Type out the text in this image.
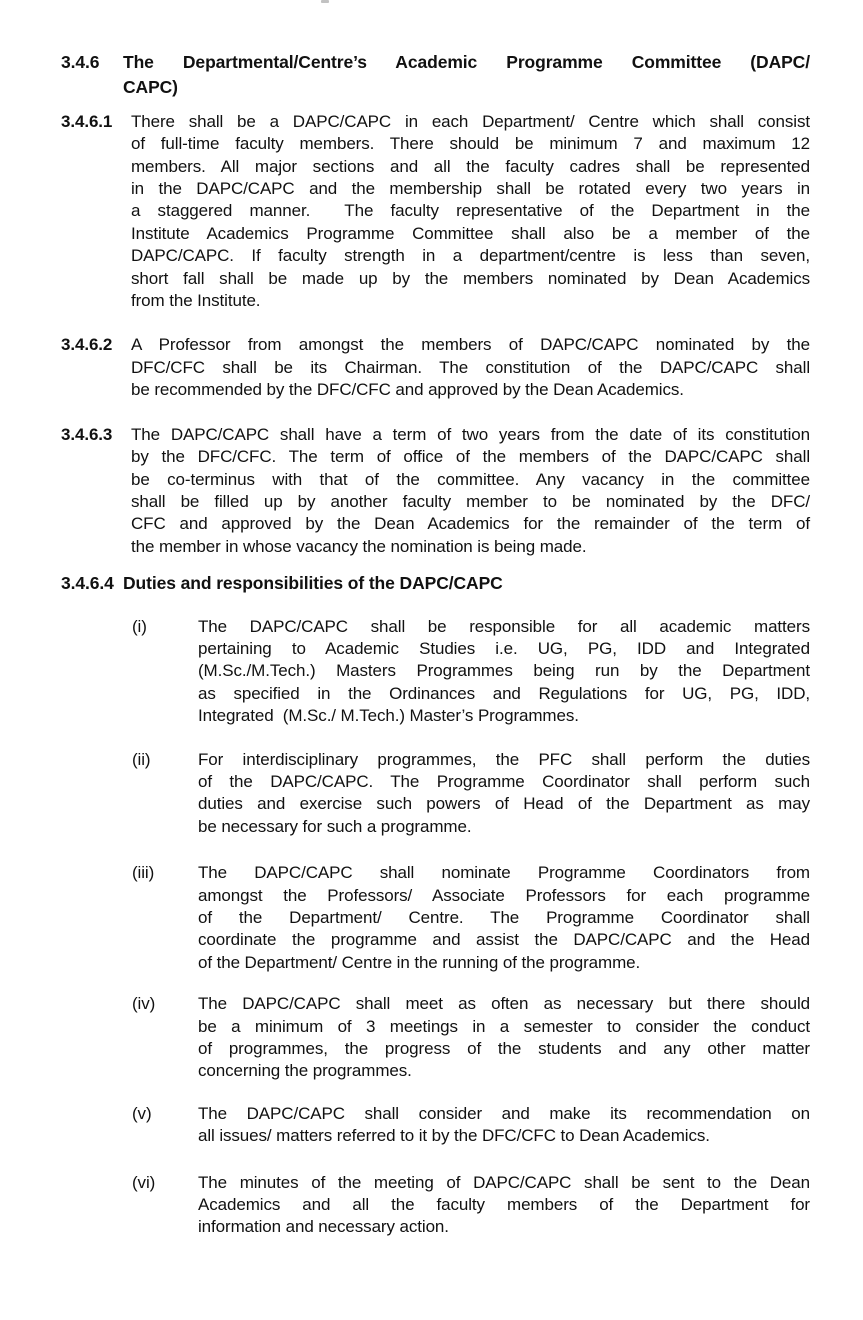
3.4.6	The Departmental/Centre’s Academic Programme Committee (DAPC/
CAPC)
3.4.6.1	There shall be a DAPC/CAPC in each Department/ Centre which shall consist
of full-time faculty members. There should be minimum 7 and maximum 12
members. All major sections and all the faculty cadres shall be represented
in the DAPC/CAPC and the membership shall be rotated every two years in
a staggered manner.  The faculty representative of the Department in the
Institute Academics Programme Committee shall also be a member of the
DAPC/CAPC. If faculty strength in a department/centre is less than seven,
short fall shall be made up by the members nominated by Dean Academics
from the Institute.
3.4.6.2	A Professor from amongst the members of DAPC/CAPC nominated by the
DFC/CFC shall be its Chairman. The constitution of the DAPC/CAPC shall
be recommended by the DFC/CFC and approved by the Dean Academics.
3.4.6.3	The DAPC/CAPC shall have a term of two years from the date of its constitution
by the DFC/CFC. The term of office of the members of the DAPC/CAPC shall
be co-terminus with that of the committee. Any vacancy in the committee
shall be filled up by another faculty member to be nominated by the DFC/
CFC and approved by the Dean Academics for the remainder of the term of
the member in whose vacancy the nomination is being made.
3.4.6.4 Duties and responsibilities of the DAPC/CAPC
(i)	The DAPC/CAPC shall be responsible for all academic matters
pertaining to Academic Studies i.e. UG, PG, IDD and Integrated
(M.Sc./M.Tech.) Masters Programmes being run by the Department
as specified in the Ordinances and Regulations for UG, PG, IDD,
Integrated  (M.Sc./ M.Tech.) Master’s Programmes.
(ii)	For interdisciplinary programmes, the PFC shall perform the duties
of the DAPC/CAPC. The Programme Coordinator shall perform such
duties and exercise such powers of Head of the Department as may
be necessary for such a programme.
(iii)	The DAPC/CAPC shall nominate Programme Coordinators from
amongst the Professors/ Associate Professors for each programme
of the Department/ Centre. The Programme Coordinator shall
coordinate the programme and assist the DAPC/CAPC and the Head
of the Department/ Centre in the running of the programme.
(iv)	The DAPC/CAPC shall meet as often as necessary but there should
be a minimum of 3 meetings in a semester to consider the conduct
of programmes, the progress of the students and any other matter
concerning the programmes.
(v)	The DAPC/CAPC shall consider and make its recommendation on
all issues/ matters referred to it by the DFC/CFC to Dean Academics.
(vi)	The minutes of the meeting of DAPC/CAPC shall be sent to the Dean
Academics and all the faculty members of the Department for
information and necessary action.
